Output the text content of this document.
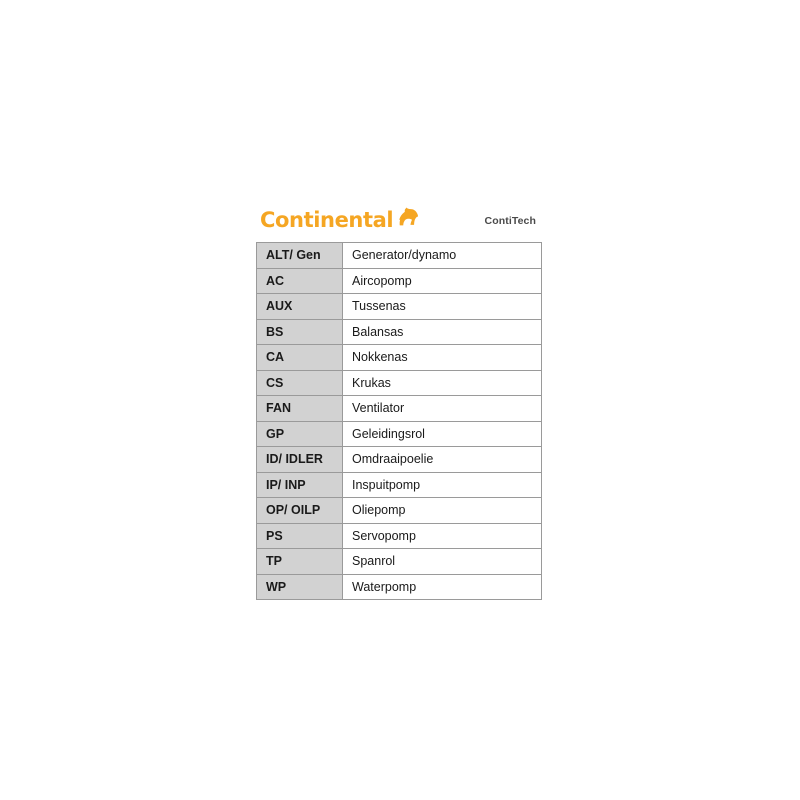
Continental	ContiTech
ALT/ Gen	Generator/dynamo
AC	Aircopomp
AUX	Tussenas
BS	Balansas
CA	Nokkenas
CS	Krukas
FAN	Ventilator
GP	Geleidingsrol
ID/ IDLER	Omdraaipoelie
IP/ INP	Inspuitpomp
OP/ OILP	Oliepomp
PS	Servopomp
TP	Spanrol
WP	Waterpomp
